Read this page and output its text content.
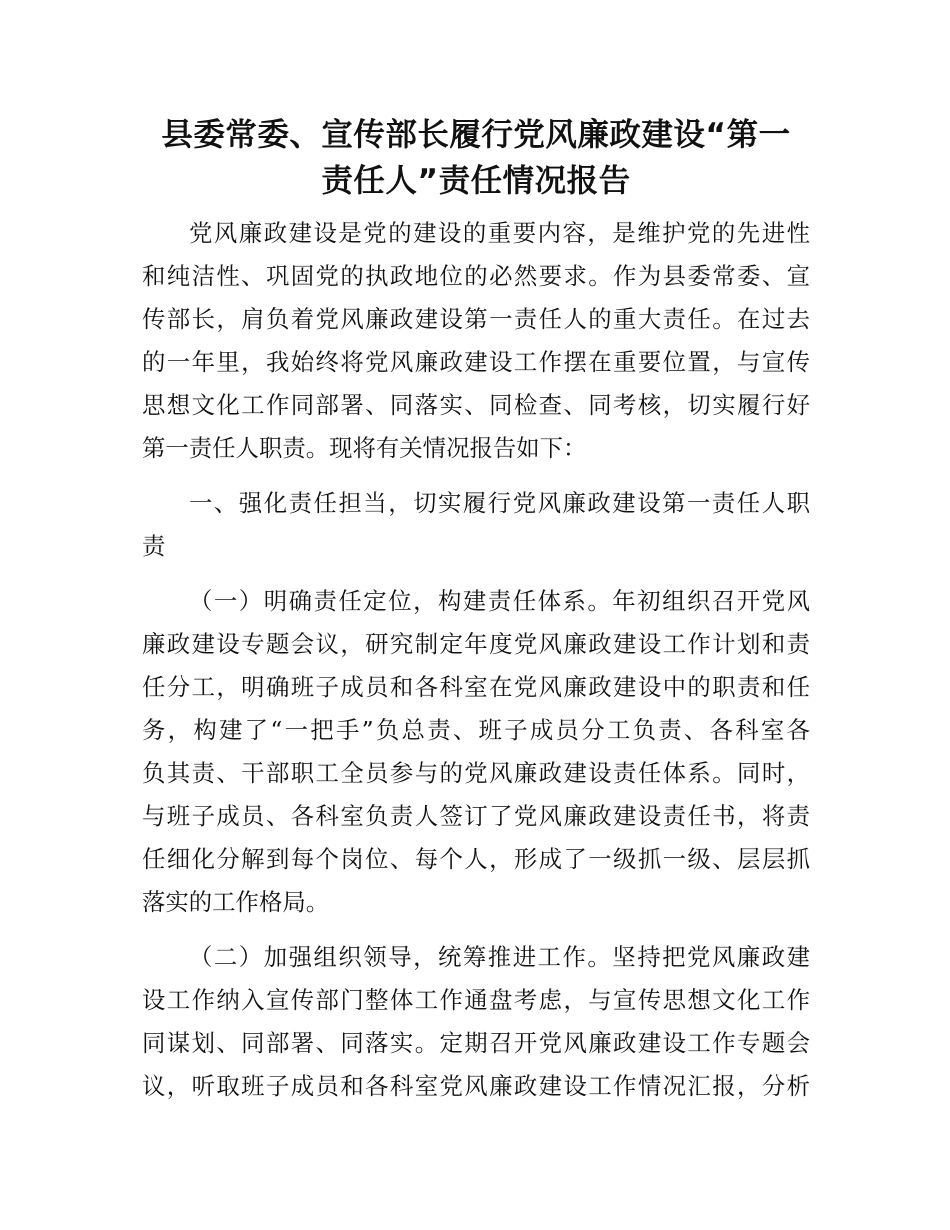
县委常委、宣传部长履行党风廉政建设“第一
责任人”责任情况报告
党风廉政建设是党的建设的重要内容，是维护党的先进性
和纯洁性、巩固党的执政地位的必然要求。作为县委常委、宣
传部长，肩负着党风廉政建设第一责任人的重大责任。在过去
的一年里，我始终将党风廉政建设工作摆在重要位置，与宣传
思想文化工作同部署、同落实、同检查、同考核，切实履行好
第一责任人职责。现将有关情况报告如下：
一、强化责任担当，切实履行党风廉政建设第一责任人职
责
（一）明确责任定位，构建责任体系。年初组织召开党风
廉政建设专题会议，研究制定年度党风廉政建设工作计划和责
任分工，明确班子成员和各科室在党风廉政建设中的职责和任
务，构建了“一把手”负总责、班子成员分工负责、各科室各
负其责、干部职工全员参与的党风廉政建设责任体系。同时，
与班子成员、各科室负责人签订了党风廉政建设责任书，将责
任细化分解到每个岗位、每个人，形成了一级抓一级、层层抓
落实的工作格局。
（二）加强组织领导，统筹推进工作。坚持把党风廉政建
设工作纳入宣传部门整体工作通盘考虑，与宣传思想文化工作
同谋划、同部署、同落实。定期召开党风廉政建设工作专题会
议，听取班子成员和各科室党风廉政建设工作情况汇报，分析
